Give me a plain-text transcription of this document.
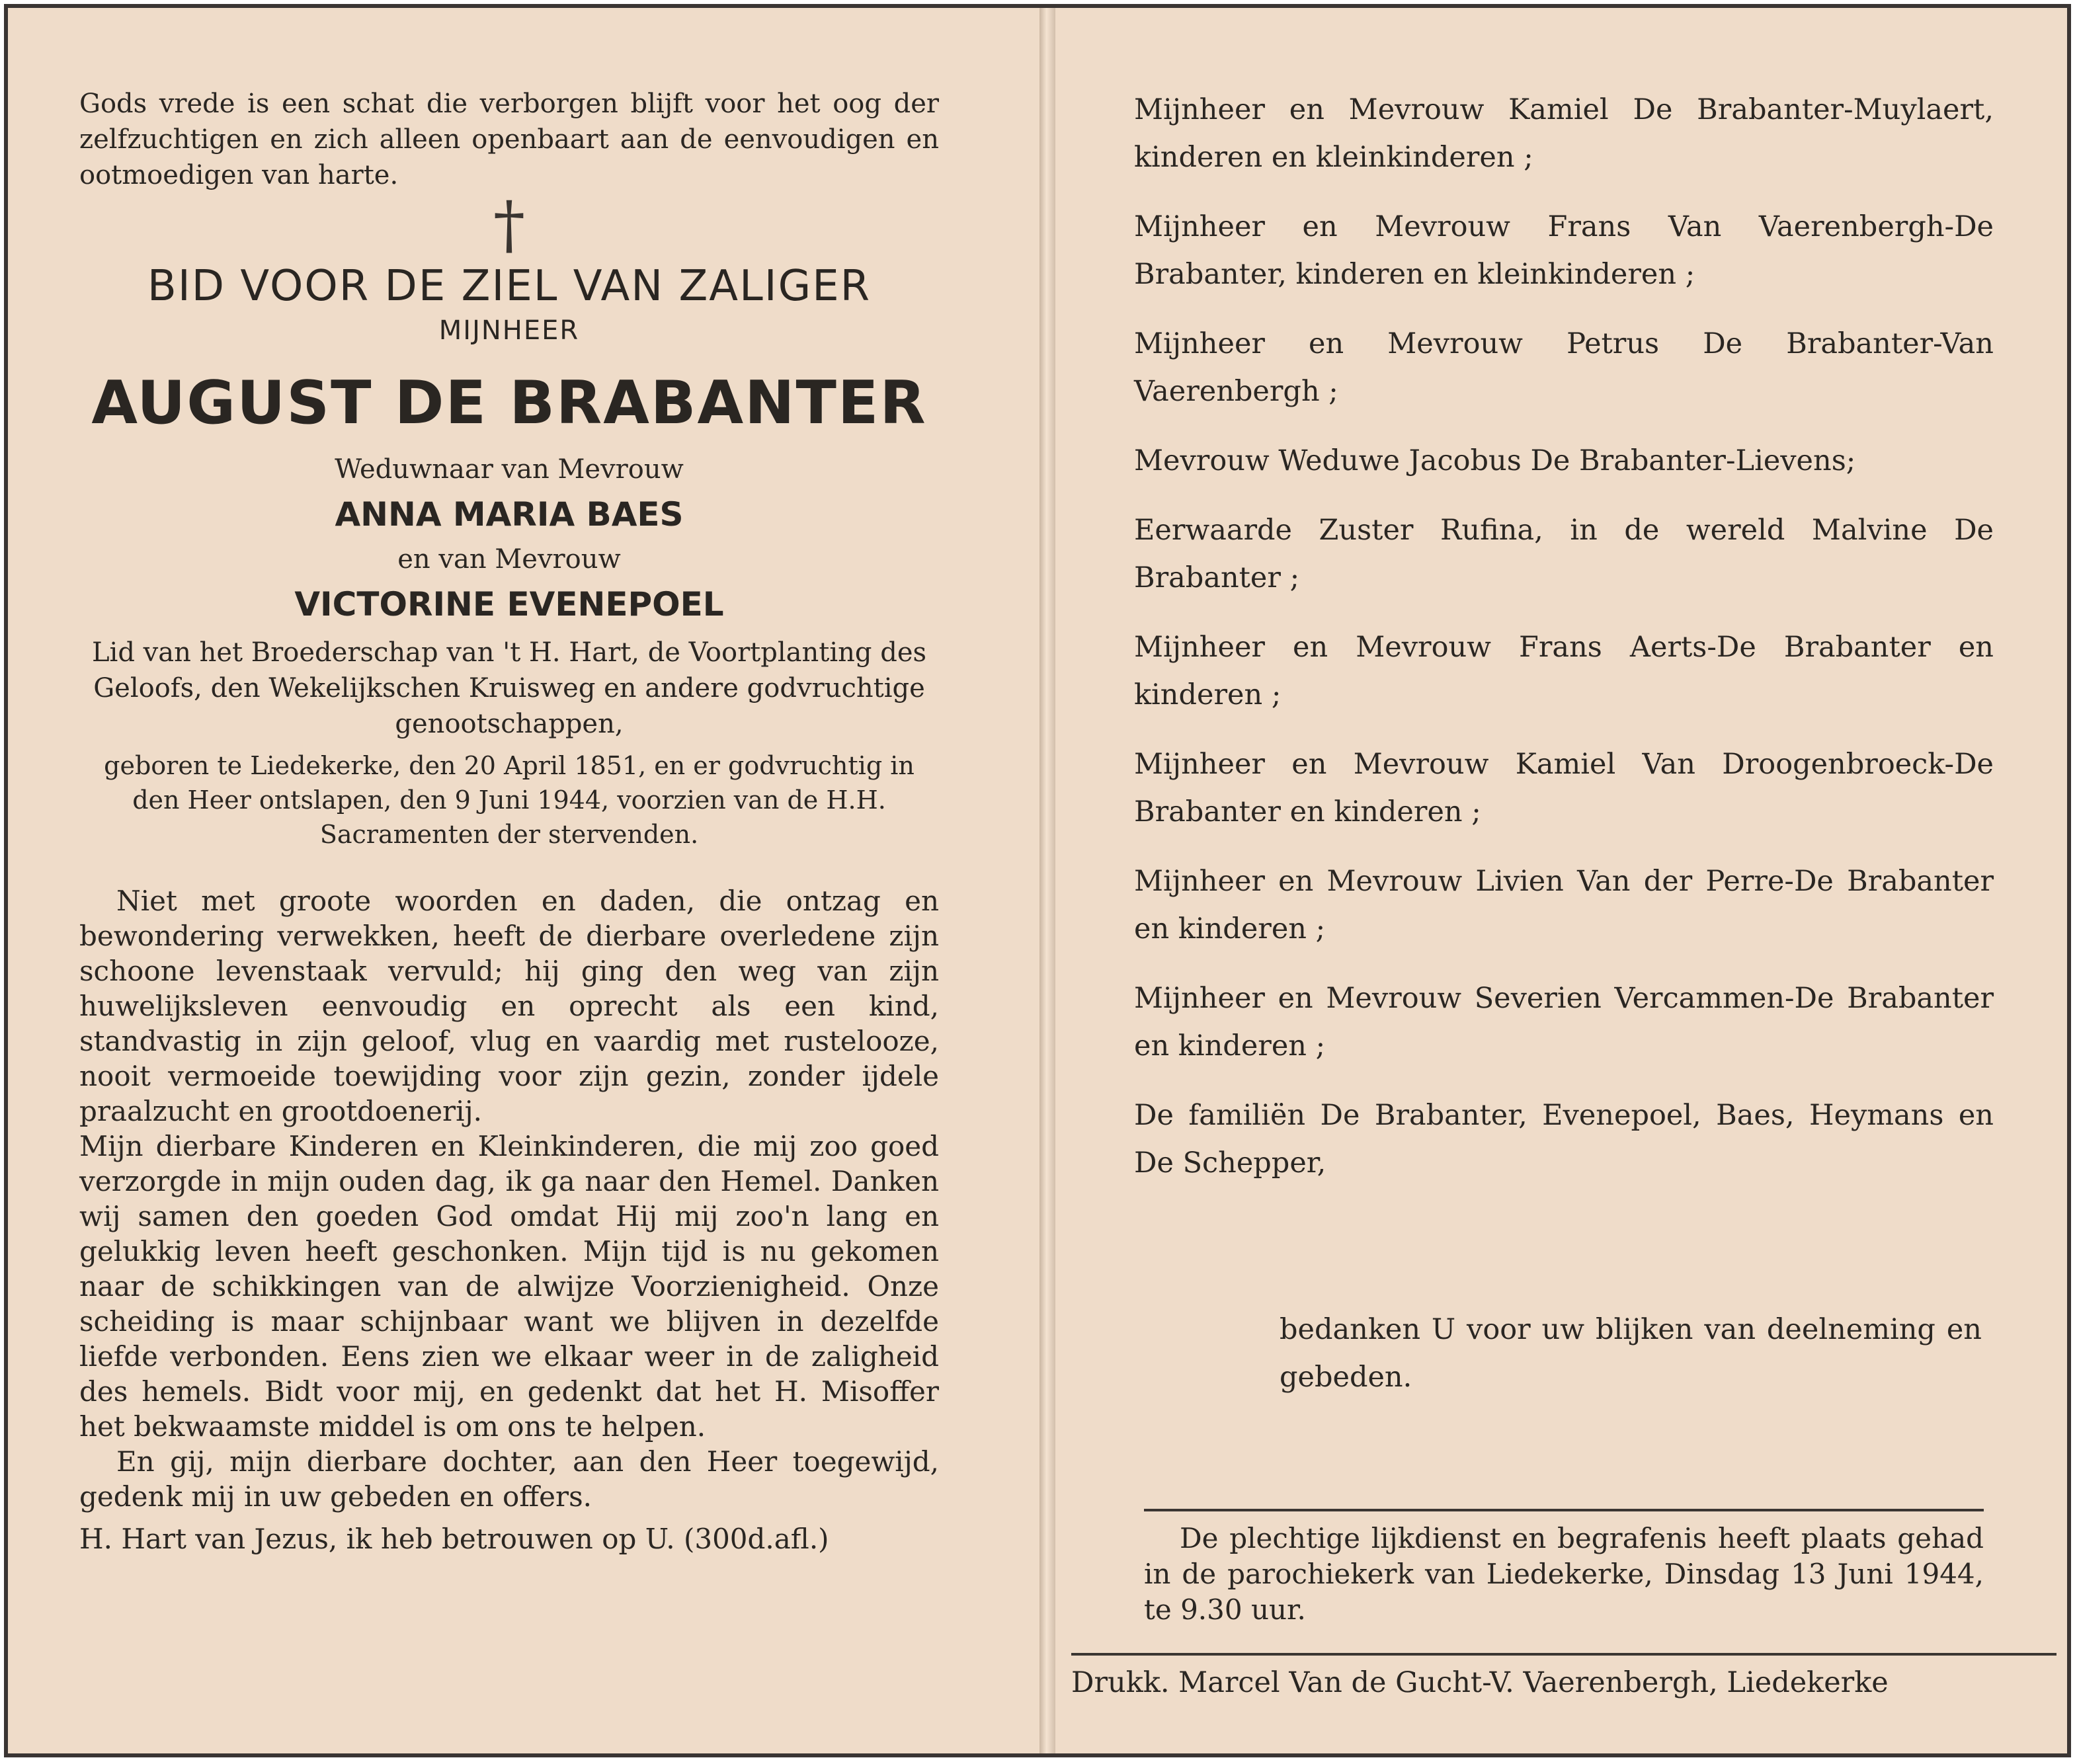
Gods vrede is een schat die verborgen blijft voor het oog der zelfzuchtigen en zich alleen openbaart aan de eenvoudigen en ootmoedigen van harte.

†

BID VOOR DE ZIEL VAN ZALIGER

MIJNHEER

AUGUST DE BRABANTER

Weduwnaar van Mevrouw

ANNA MARIA BAES

en van Mevrouw

VICTORINE EVENEPOEL

Lid van het Broederschap van 't H. Hart, de Voortplanting des Geloofs, den Wekelijkschen Kruisweg en andere godvruchtige genootschappen,

geboren te Liedekerke, den 20 April 1851, en er godvruchtig in den Heer ontslapen, den 9 Juni 1944, voorzien van de H.H. Sacramenten der stervenden.

Niet met groote woorden en daden, die ontzag en bewondering verwekken, heeft de dierbare overledene zijn schoone levenstaak vervuld; hij ging den weg van zijn huwelijksleven eenvoudig en oprecht als een kind, standvastig in zijn geloof, vlug en vaardig met rustelooze, nooit vermoeide toewijding voor zijn gezin, zonder ijdele praalzucht en grootdoenerij.

Mijn dierbare Kinderen en Kleinkinderen, die mij zoo goed verzorgde in mijn ouden dag, ik ga naar den Hemel. Danken wij samen den goeden God omdat Hij mij zoo'n lang en gelukkig leven heeft geschonken. Mijn tijd is nu gekomen naar de schikkingen van de alwijze Voorzienigheid. Onze scheiding is maar schijnbaar want we blijven in dezelfde liefde verbonden. Eens zien we elkaar weer in de zaligheid des hemels. Bidt voor mij, en gedenkt dat het H. Misoffer het bekwaamste middel is om ons te helpen.

En gij, mijn dierbare dochter, aan den Heer toegewijd, gedenk mij in uw gebeden en offers.

H. Hart van Jezus, ik heb betrouwen op U. (300d.afl.)

Mijnheer en Mevrouw Kamiel De Brabanter-Muylaert, kinderen en kleinkinderen ;
Mijnheer en Mevrouw Frans Van Vaerenbergh-De Brabanter, kinderen en kleinkinderen ;
Mijnheer en Mevrouw Petrus De Brabanter-Van Vaerenbergh ;
Mevrouw Weduwe Jacobus De Brabanter-Lievens;
Eerwaarde Zuster Rufina, in de wereld Malvine De Brabanter ;
Mijnheer en Mevrouw Frans Aerts-De Brabanter en kinderen ;
Mijnheer en Mevrouw Kamiel Van Droogenbroeck-De Brabanter en kinderen ;
Mijnheer en Mevrouw Livien Van der Perre-De Brabanter en kinderen ;
Mijnheer en Mevrouw Severien Vercammen-De Brabanter en kinderen ;
De familiën De Brabanter, Evenepoel, Baes, Heymans en De Schepper,

bedanken U voor uw blijken van deelneming en gebeden.

De plechtige lijkdienst en begrafenis heeft plaats gehad in de parochiekerk van Liedekerke, Dinsdag 13 Juni 1944, te 9.30 uur.

Drukk. Marcel Van de Gucht-V. Vaerenbergh, Liedekerke
